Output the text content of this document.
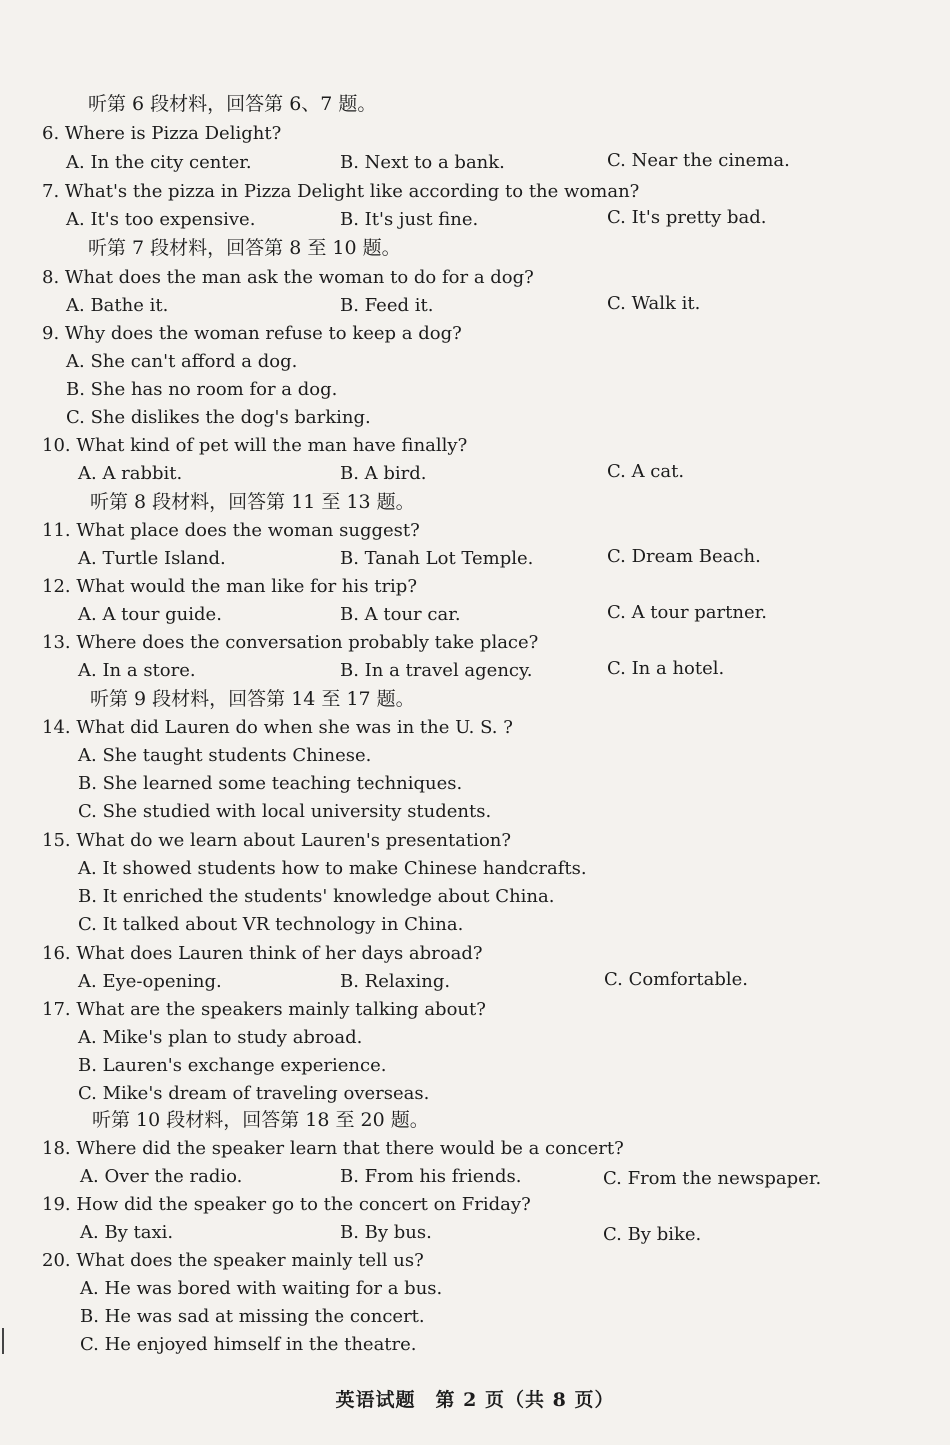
听第 6 段材料，回答第 6、7 题。
6. Where is Pizza Delight?
A. In the city center.	B. Next to a bank.	C. Near the cinema.
7. What's the pizza in Pizza Delight like according to the woman?
A. It's too expensive.	B. It's just fine.	C. It's pretty bad.
听第 7 段材料，回答第 8 至 10 题。
8. What does the man ask the woman to do for a dog?
A. Bathe it.	B. Feed it.	C. Walk it.
9. Why does the woman refuse to keep a dog?
A. She can't afford a dog.
B. She has no room for a dog.
C. She dislikes the dog's barking.
10. What kind of pet will the man have finally?
A. A rabbit.	B. A bird.	C. A cat.
听第 8 段材料，回答第 11 至 13 题。
11. What place does the woman suggest?
A. Turtle Island.	B. Tanah Lot Temple.	C. Dream Beach.
12. What would the man like for his trip?
A. A tour guide.	B. A tour car.	C. A tour partner.
13. Where does the conversation probably take place?
A. In a store.	B. In a travel agency.	C. In a hotel.
听第 9 段材料，回答第 14 至 17 题。
14. What did Lauren do when she was in the U. S. ?
A. She taught students Chinese.
B. She learned some teaching techniques.
C. She studied with local university students.
15. What do we learn about Lauren's presentation?
A. It showed students how to make Chinese handcrafts.
B. It enriched the students' knowledge about China.
C. It talked about VR technology in China.
16. What does Lauren think of her days abroad?
A. Eye-opening.	B. Relaxing.	C. Comfortable.
17. What are the speakers mainly talking about?
A. Mike's plan to study abroad.
B. Lauren's exchange experience.
C. Mike's dream of traveling overseas.
听第 10 段材料，回答第 18 至 20 题。
18. Where did the speaker learn that there would be a concert?
A. Over the radio.	B. From his friends.	C. From the newspaper.
19. How did the speaker go to the concert on Friday?
A. By taxi.	B. By bus.	C. By bike.
20. What does the speaker mainly tell us?
A. He was bored with waiting for a bus.
B. He was sad at missing the concert.
C. He enjoyed himself in the theatre.
英语试题　第 2 页（共 8 页）
